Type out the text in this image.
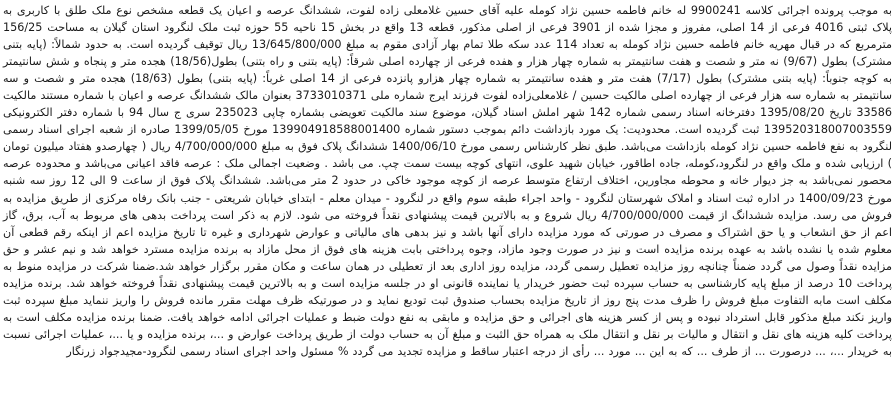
به موجب پرونده اجرائی کلاسه 9900241 له خانم فاطمه حسین نژاد کومله علیه آقای حسین غلامعلی زاده لفوت، ششدانگ عرصه و اعیان یک قطعه مشخص نوع ملک طلق با کاربری به پلاک ثبتی 4016 فرعی از 14 اصلی، مفروز و مجزا شده از 3901 فرعی از اصلی مذکور، قطعه 13 واقع در بخش 15 ناحیه 55 حوزه ثبت ملک لنگرود استان گیلان به مساحت 156/25 مترمربع که در قبال مهریه خانم فاطمه حسین نژاد کومله به تعداد 114 عدد سکه طلا تمام بهار آزادی مقوم به مبلغ 13/645/800/000 ریال توقیف گردیده است. به حدود شمالاً: (پایه بتنی مشترک) بطول (9/67) نه متر و شصت و هفت سانتیمتر به شماره چهار هزار و هفده فرعی از چهارده اصلی شرقاً: (پایه بتنی و راه بتنی) بطول(18/56) هجده متر و پنجاه و شش سانتیمتر به کوچه جنوباً: (پایه بتنی مشترک) بطول (7/17) هفت متر و هفده سانتیمتر به شماره چهار هزارو پانزده فرعی از 14 اصلی غرباً: (پایه بتنی) بطول (18/63) هجده متر و شصت و سه سانتیمتر به شماره سه هزار فرعی از چهارده اصلی مالکیت حسین / غلامعلی‌زاده لفوت فرزند ایرج شماره ملی 3733010371 بعنوان مالک ششدانگ عرصه و اعیان با شماره مستند مالکیت 33586 تاریخ 1395/08/20 دفترخانه اسناد رسمی شماره 142 شهر املش اسناد گیلان، موضوع سند مالکیت تعویضی بشماره چاپی 235023 سری ج سال 94 با شماره دفتر الکترونیکی 139520318007003559 ثبت گردیده است. محدودیت: یک مورد بازداشت دائم بموجب دستور شماره 139904918588001400 مورخ 1399/05/05 صادره از شعبه اجرای اسناد رسمی لنگرود به نفع فاطمه حسین نژاد کومله بازداشت می‌باشد. طبق نظر کارشناس رسمی مورخ 1400/06/10 ششدانگ پلاک فوق به مبلغ 4/700/000/000 ریال ( چهارصدو هفتاد میلیون تومان ) ارزیابی شده و ملک واقع در لنگرود،کومله، جاده اطاقور، خیابان شهید علوی، انتهای کوچه بیست سمت چپ. می باشد . وضعیت اجمالی ملک : عرصه فاقد اعیانی می‌باشد و محدوده عرصه محصور نمی‌باشد به جز دیوار خانه و محوطه مجاورین، اختلاف ارتفاع متوسط عرصه از کوچه موجود خاکی در حدود 2 متر می‌باشد. ششدانگ پلاک فوق از ساعت 9 الی 12 روز سه شنبه مورخ 1400/09/23 در اداره ثبت اسناد و املاک شهرستان لنگرود - واحد اجراء طبقه سوم واقع در لنگرود - میدان معلم - ابتدای خیابان شریعتی - جنب بانک رفاه مرکزی از طریق مزایده به فروش می رسد. مزایده ششدانگ از قیمت 4/700/000/000 ریال شروع و به بالاترین قیمت پیشنهادی نقداً فروخته می شود. لازم به ذکر است پرداخت بدهی های مربوط به آب، برق، گاز اعم از حق انشعاب و یا حق اشتراک و مصرف در صورتی که مورد مزایده دارای آنها باشد و نیز بدهی های مالیاتی و عوارض شهرداری و غیره تا تاریخ مزایده اعم از اینکه رقم قطعی آن معلوم شده یا نشده باشد به عهده برنده مزایده است و نیز در صورت وجود مازاد، وجوه پرداختی بابت هزینه های فوق از محل مازاد به برنده مزایده مسترد خواهد شد و نیم عشر و حق مزایده نقداً وصول می گردد ضمناً چنانچه روز مزایده تعطیل رسمی گردد، مزایده روز اداری بعد از تعطیلی در همان ساعت و مکان مقرر برگزار خواهد شد.ضمنا شرکت در مزایده منوط به پرداخت 10 درصد از مبلغ پایه کارشناسی به حساب سپرده ثبت حضور خریدار یا نماینده قانونی او در جلسه مزایده است و به بالاترین قیمت پیشنهادی نقداً فروخته خواهد شد. برنده مزایده مکلف است مابه التفاوت مبلغ فروش را ظرف مدت پنج روز از تاریخ مزایده بحساب صندوق ثبت تودیع نماید و در صورتیکه ظرف مهلت مقرر مانده فروش را واریز ننماید مبلغ سپرده ثبت واریز نکند مبلغ مذکور قابل استرداد نبوده و پس از کسر هزینه های اجرائی و حق مزایده و مابقی به نفع دولت ضبط و عملیات اجرائی ادامه خواهد یافت. ضمنا برنده مزایده مکلف است به پرداخت کلیه هزینه های نقل و انتقال و مالیات بر نقل و انتقال ملک به همراه حق الثبت و مبلغ آن به حساب دولت از طریق پرداخت عوارض و ...، برنده مزایده و یا ...، عملیات اجرائی نسبت به خریدار ...، ... درصورت ... از طرف ... که به این ... مورد ... رأی از درجه اعتبار ساقط و مزایده تجدید می گردد % مسئول واحد اجرای اسناد رسمی لنگرود-مجیدجواد زرنگار
